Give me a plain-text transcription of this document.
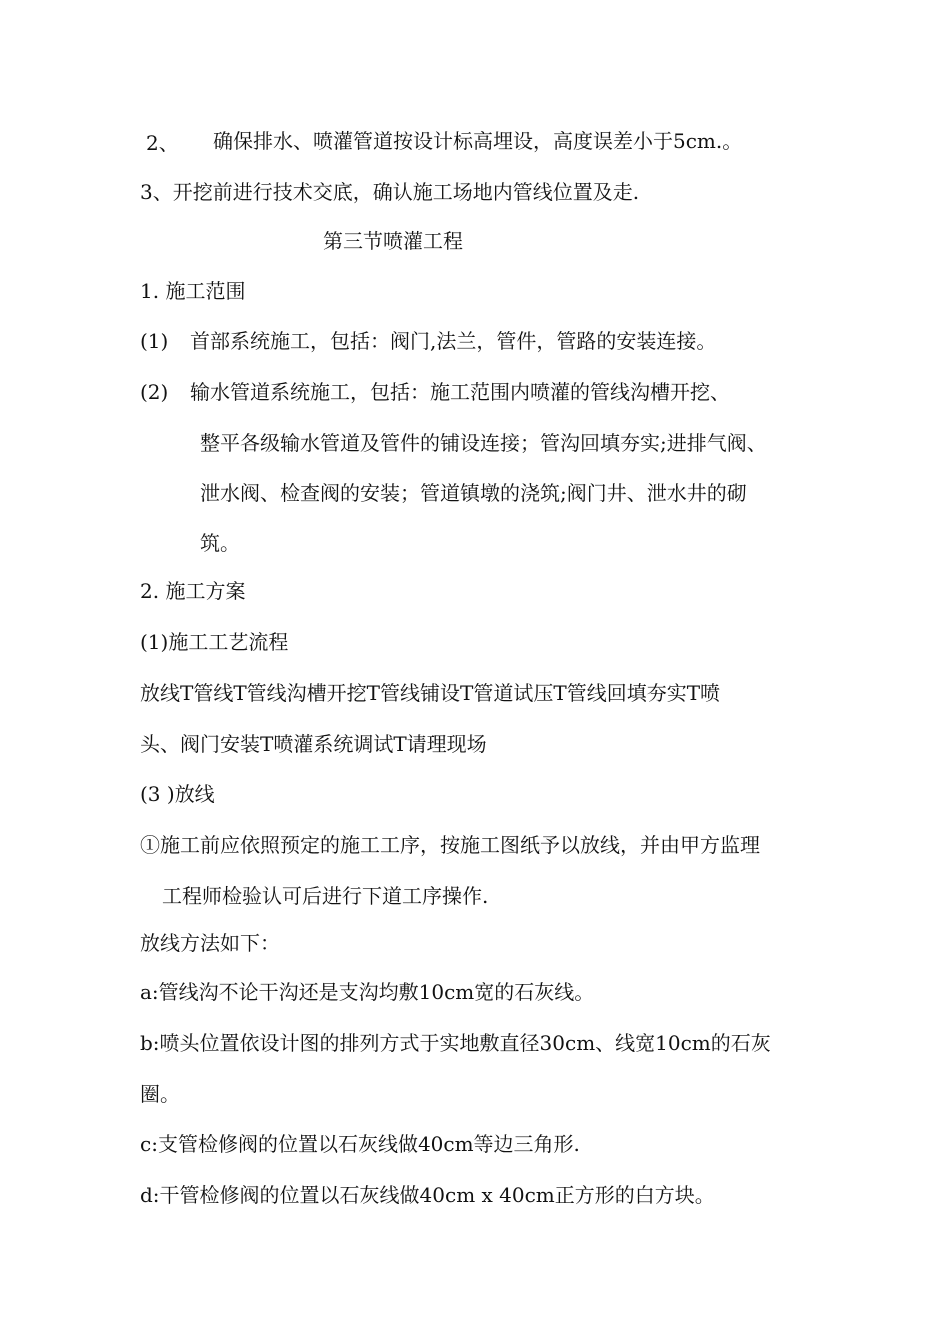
2、 确保排水、喷灌管道按设计标高埋设，高度误差小于5cm.。
3、开挖前进行技术交底，确认施工场地内管线位置及走.
第三节喷灌工程
1. 施工范围
(1) 首部系统施工，包括：阀门,法兰，管件，管路的安装连接。
(2) 输水管道系统施工，包括：施工范围内喷灌的管线沟槽开挖、
整平各级输水管道及管件的铺设连接；管沟回填夯实;进排气阀、
泄水阀、检查阀的安装；管道镇墩的浇筑;阀门井、泄水井的砌
筑。
2. 施工方案
(1)施工工艺流程
放线T管线T管线沟槽开挖T管线铺设T管道试压T管线回填夯实T喷
头、阀门安装T喷灌系统调试T请理现场
(3 )放线
①施工前应依照预定的施工工序，按施工图纸予以放线，并由甲方监理
工程师检验认可后进行下道工序操作.
放线方法如下：
a:管线沟不论干沟还是支沟均敷10cm宽的石灰线。
b:喷头位置依设计图的排列方式于实地敷直径30cm、线宽10cm的石灰
圈。
c:支管检修阀的位置以石灰线做40cm等边三角形.
d:干管检修阀的位置以石灰线做40cm x 40cm正方形的白方块。
